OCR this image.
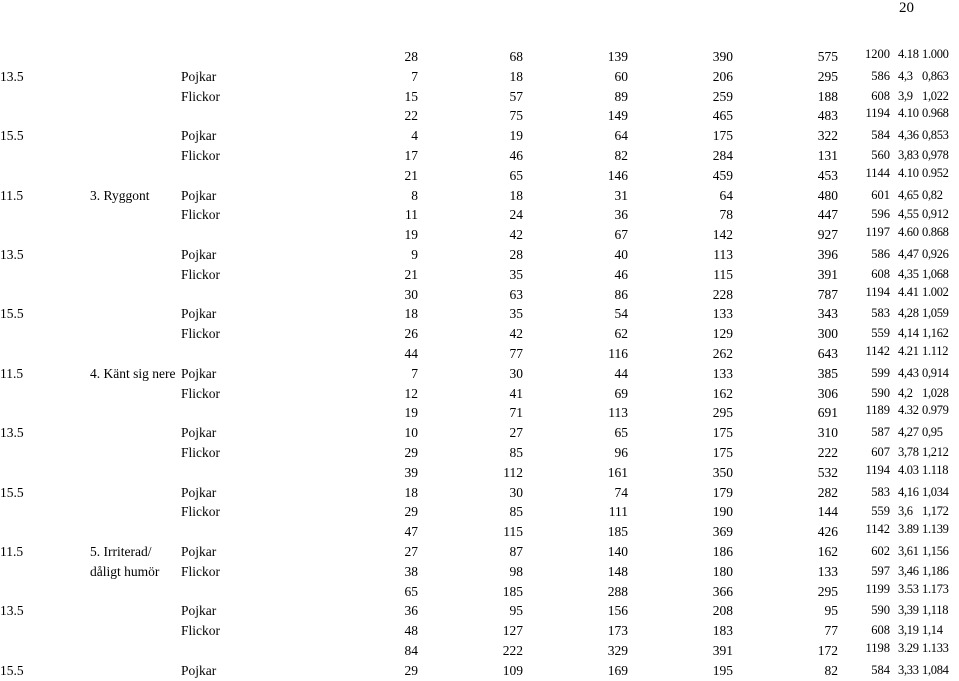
20
28	68	139	390	575 1200 4.18 1.000
13.5	Pojkar	7	18	60	206	295	586 4,3 0,863
Flickor	15	57	89	259	188	608 3,9 1,022
22	75	149	465	483 1194 4.10 0.968
15.5	Pojkar	4	19	64	175	322	584 4,36 0,853
Flickor	17	46	82	284	131	560 3,83 0,978
21	65	146	459	453 1144 4.10 0.952
11.5	3. Ryggont Pojkar	8	18	31	64	480	601 4,65 0,82
Flickor	11	24	36	78	447	596 4,55 0,912
19	42	67	142	927 1197 4.60 0.868
13.5	Pojkar	9	28	40	113	396	586 4,47 0,926
Flickor	21	35	46	115	391	608 4,35 1,068
30	63	86	228	787 1194 4.41 1.002
15.5	Pojkar	18	35	54	133	343	583 4,28 1,059
Flickor	26	42	62	129	300	559 4,14 1,162
44	77	116	262	643 1142 4.21 1.112
11.5	4. Känt sig nere Pojkar	7	30	44	133	385	599 4,43 0,914
Flickor	12	41	69	162	306	590 4,2 1,028
19	71	113	295	691 1189 4.32 0.979
13.5	Pojkar	10	27	65	175	310	587 4,27 0,95
Flickor	29	85	96	175	222	607 3,78 1,212
39	112	161	350	532 1194 4.03 1.118
15.5	Pojkar	18	30	74	179	282	583 4,16 1,034
Flickor	29	85	111	190	144	559 3,6 1,172
47	115	185	369	426 1142 3.89 1.139
11.5	5. Irriterad/ Pojkar	27	87	140	186	162	602 3,61 1,156
dåligt humör Flickor	38	98	148	180	133	597 3,46 1,186
65	185	288	366	295 1199 3.53 1.173
13.5	Pojkar	36	95	156	208	95	590 3,39 1,118
Flickor	48	127	173	183	77	608 3,19 1,14
84	222	329	391	172 1198 3.29 1.133
15.5	Pojkar	29	109	169	195	82	584 3,33 1,084
